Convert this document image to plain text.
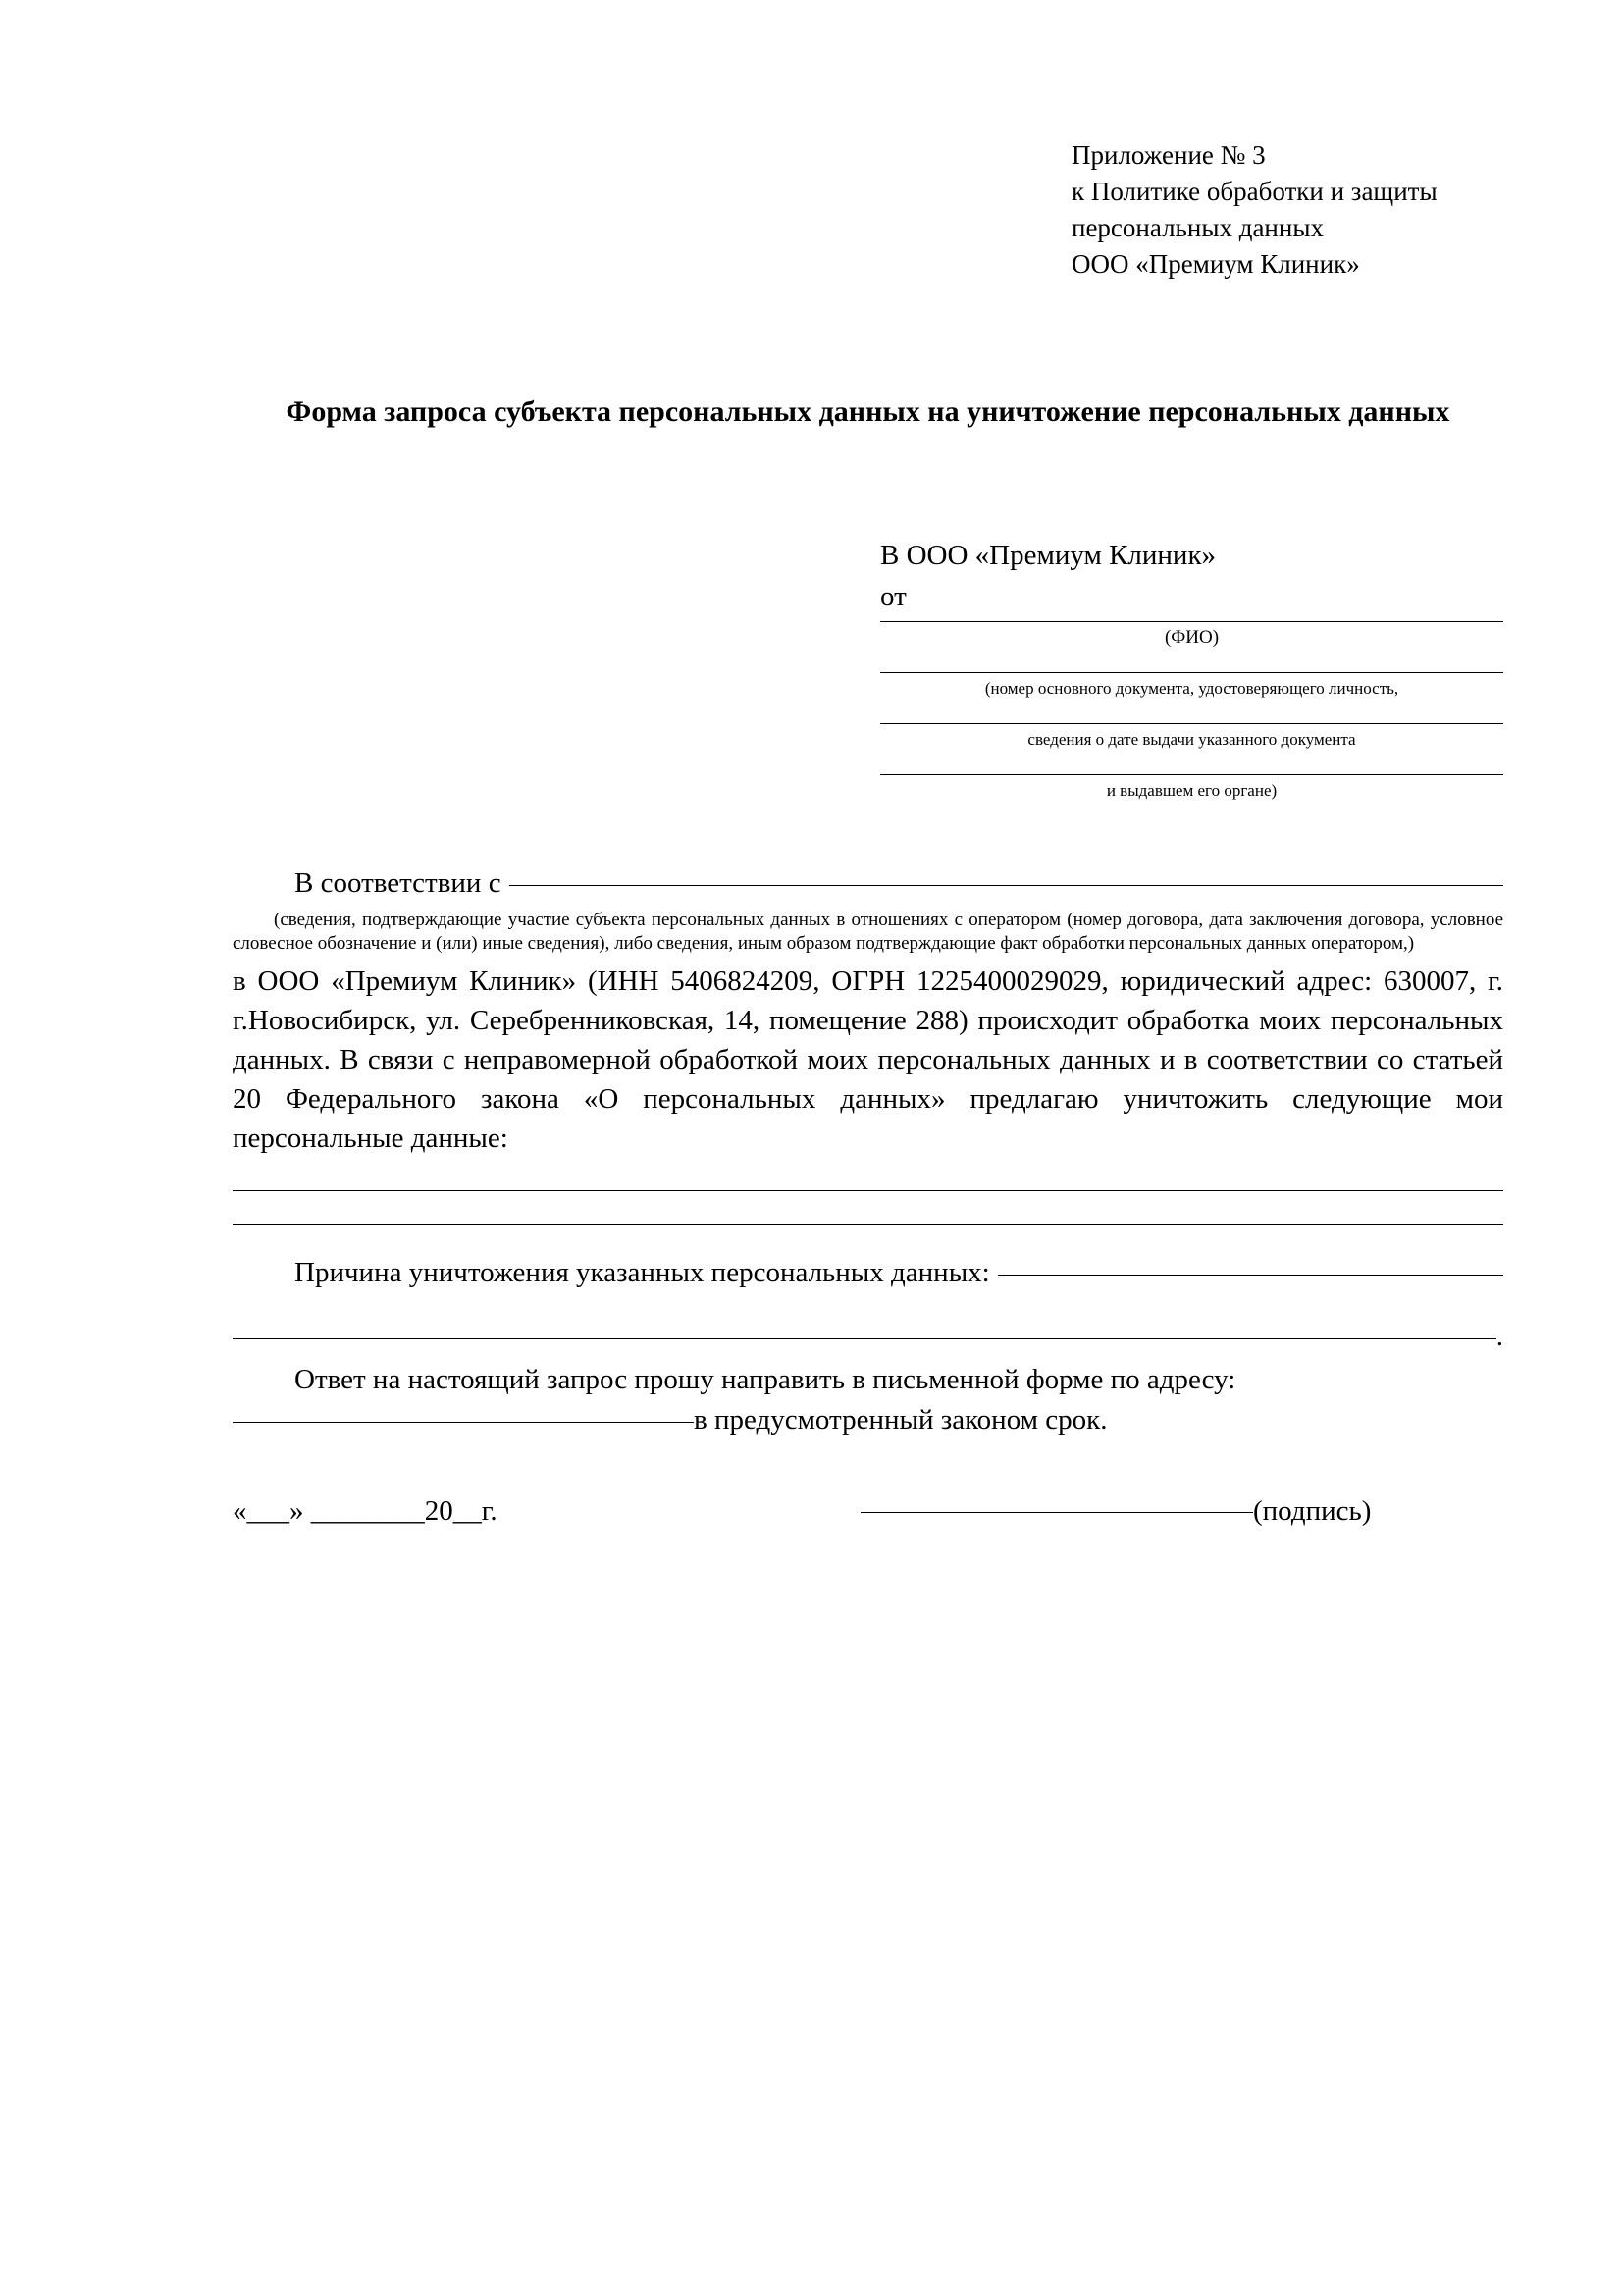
Приложение № 3
к Политике обработки и защиты
персональных данных
ООО «Премиум Клиник»
Форма запроса субъекта персональных данных на уничтожение персональных данных
В ООО «Премиум Клиник»
от
(ФИО)
(номер основного документа, удостоверяющего личность,
сведения о дате выдачи указанного документа
и выдавшем его органе)
В соответствии с
(сведения, подтверждающие участие субъекта персональных данных в отношениях с оператором (номер договора, дата заключения договора, условное словесное обозначение и (или) иные сведения), либо сведения, иным образом подтверждающие факт обработки персональных данных оператором,)
в ООО «Премиум Клиник» (ИНН 5406824209, ОГРН 1225400029029, юридический адрес: 630007, г. г.Новосибирск, ул. Серебренниковская, 14, помещение 288) происходит обработка моих персональных данных. В связи с неправомерной обработкой моих персональных данных и в соответствии со статьей 20 Федерального закона «О персональных данных» предлагаю уничтожить следующие мои персональные данные:
Причина уничтожения указанных персональных данных:
.
Ответ на настоящий запрос прошу направить в письменной форме по адресу:
в предусмотренный законом срок.
«___» ________20__г.	(подпись)
